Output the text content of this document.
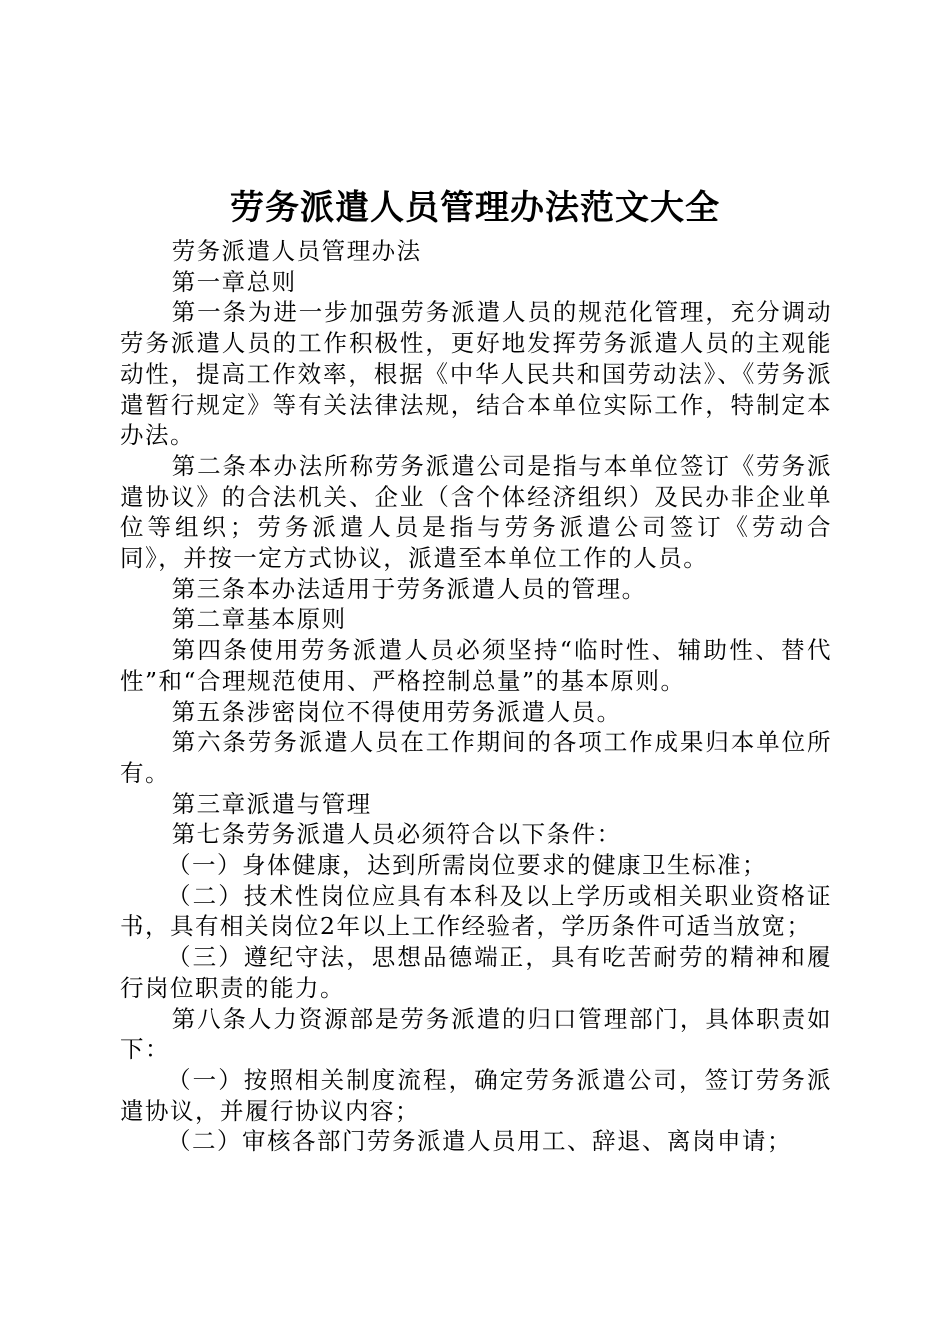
劳务派遣人员管理办法范文大全

劳务派遣人员管理办法

第一章总则

第一条为进一步加强劳务派遣人员的规范化管理，充分调动劳务派遣人员的工作积极性，更好地发挥劳务派遣人员的主观能动性，提高工作效率，根据《中华人民共和国劳动法》、《劳务派遣暂行规定》等有关法律法规，结合本单位实际工作，特制定本办法。

第二条本办法所称劳务派遣公司是指与本单位签订《劳务派遣协议》的合法机关、企业（含个体经济组织）及民办非企业单位等组织；劳务派遣人员是指与劳务派遣公司签订《劳动合同》，并按一定方式协议，派遣至本单位工作的人员。

第三条本办法适用于劳务派遣人员的管理。

第二章基本原则

第四条使用劳务派遣人员必须坚持“临时性、辅助性、替代性”和“合理规范使用、严格控制总量”的基本原则。

第五条涉密岗位不得使用劳务派遣人员。

第六条劳务派遣人员在工作期间的各项工作成果归本单位所有。

第三章派遣与管理

第七条劳务派遣人员必须符合以下条件：

（一）身体健康，达到所需岗位要求的健康卫生标准；

（二）技术性岗位应具有本科及以上学历或相关职业资格证书，具有相关岗位2年以上工作经验者，学历条件可适当放宽；

（三）遵纪守法，思想品德端正，具有吃苦耐劳的精神和履行岗位职责的能力。

第八条人力资源部是劳务派遣的归口管理部门，具体职责如下：

（一）按照相关制度流程，确定劳务派遣公司，签订劳务派遣协议，并履行协议内容；

（二）审核各部门劳务派遣人员用工、辞退、离岗申请；
